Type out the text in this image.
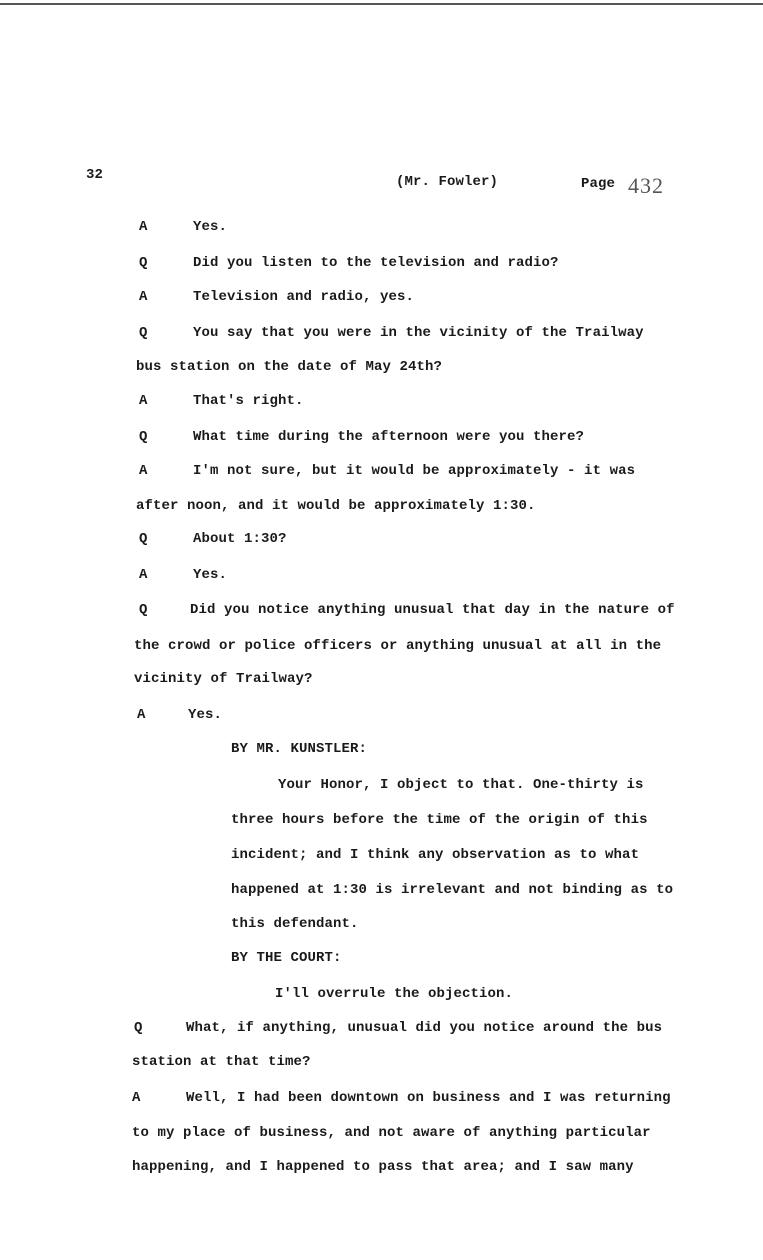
32	(Mr. Fowler)	Page 432
A	Yes.
Q	Did you listen to the television and radio?
A	Television and radio, yes.
Q	You say that you were in the vicinity of the Trailway
bus station on the date of May 24th?
A	That's right.
Q	What time during the afternoon were you there?
A	I'm not sure, but it would be approximately - it was
after noon, and it would be approximately 1:30.
Q	About 1:30?
A	Yes.
Q	Did you notice anything unusual that day in the nature of
the crowd or police officers or anything unusual at all in the
vicinity of Trailway?
A	Yes.
BY MR. KUNSTLER:
Your Honor, I object to that. One-thirty is
three hours before the time of the origin of this
incident; and I think any observation as to what
happened at 1:30 is irrelevant and not binding as to
this defendant.
BY THE COURT:
I'll overrule the objection.
Q	What, if anything, unusual did you notice around the bus
station at that time?
A	Well, I had been downtown on business and I was returning
to my place of business, and not aware of anything particular
happening, and I happened to pass that area; and I saw many
